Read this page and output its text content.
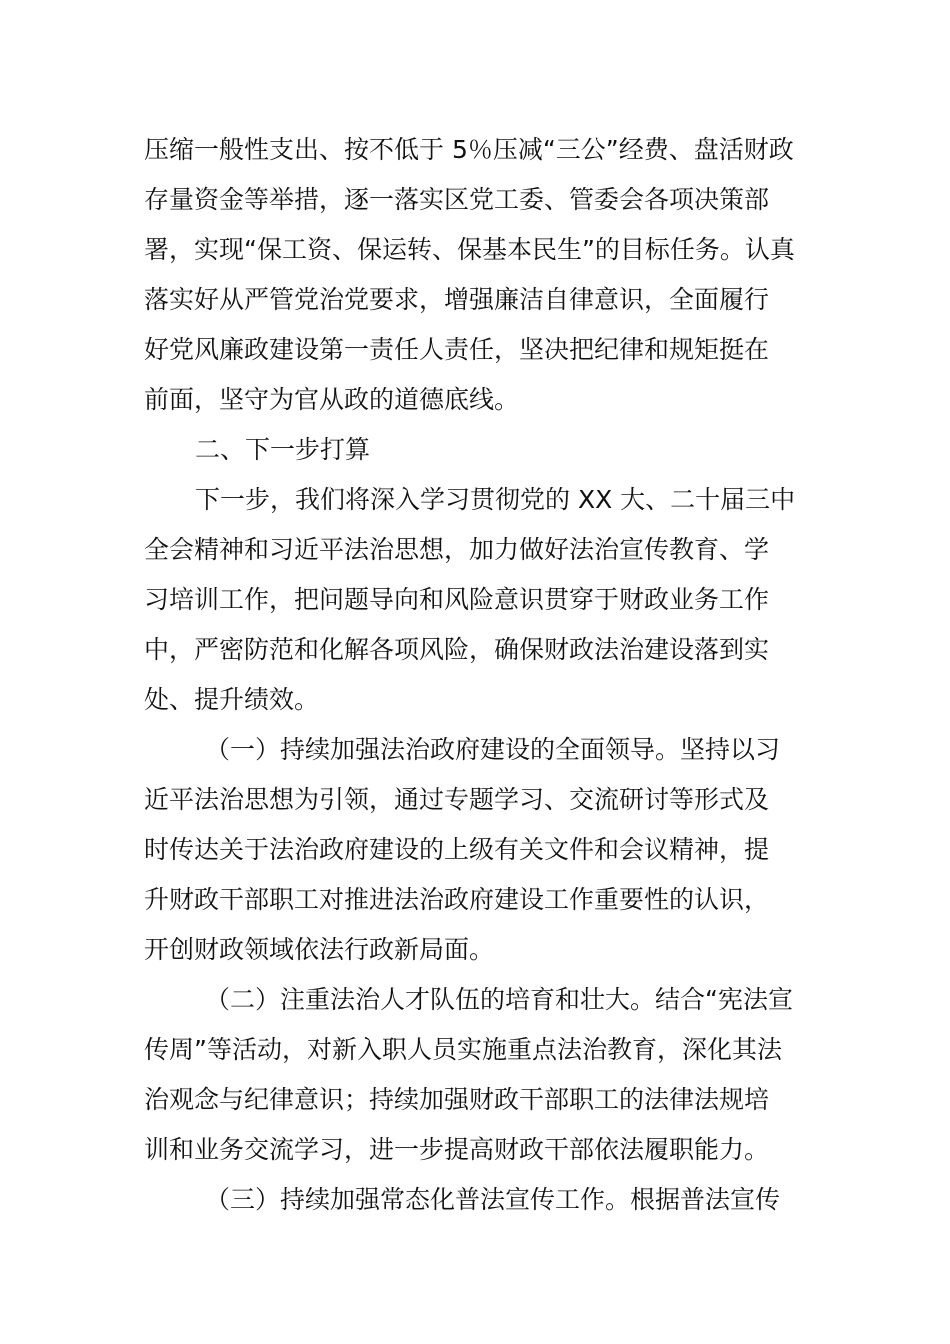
压缩一般性支出、按不低于 5％压减“三公”经费、盘活财政
存量资金等举措，逐一落实区党工委、管委会各项决策部
署，实现“保工资、保运转、保基本民生”的目标任务。认真
落实好从严管党治党要求，增强廉洁自律意识，全面履行
好党风廉政建设第一责任人责任，坚决把纪律和规矩挺在
前面，坚守为官从政的道德底线。
二、下一步打算
下一步，我们将深入学习贯彻党的 XX 大、二十届三中
全会精神和习近平法治思想，加力做好法治宣传教育、学
习培训工作，把问题导向和风险意识贯穿于财政业务工作
中，严密防范和化解各项风险，确保财政法治建设落到实
处、提升绩效。
（一）持续加强法治政府建设的全面领导。坚持以习
近平法治思想为引领，通过专题学习、交流研讨等形式及
时传达关于法治政府建设的上级有关文件和会议精神，提
升财政干部职工对推进法治政府建设工作重要性的认识，
开创财政领域依法行政新局面。
（二）注重法治人才队伍的培育和壮大。结合“宪法宣
传周”等活动，对新入职人员实施重点法治教育，深化其法
治观念与纪律意识；持续加强财政干部职工的法律法规培
训和业务交流学习，进一步提高财政干部依法履职能力。
（三）持续加强常态化普法宣传工作。根据普法宣传
